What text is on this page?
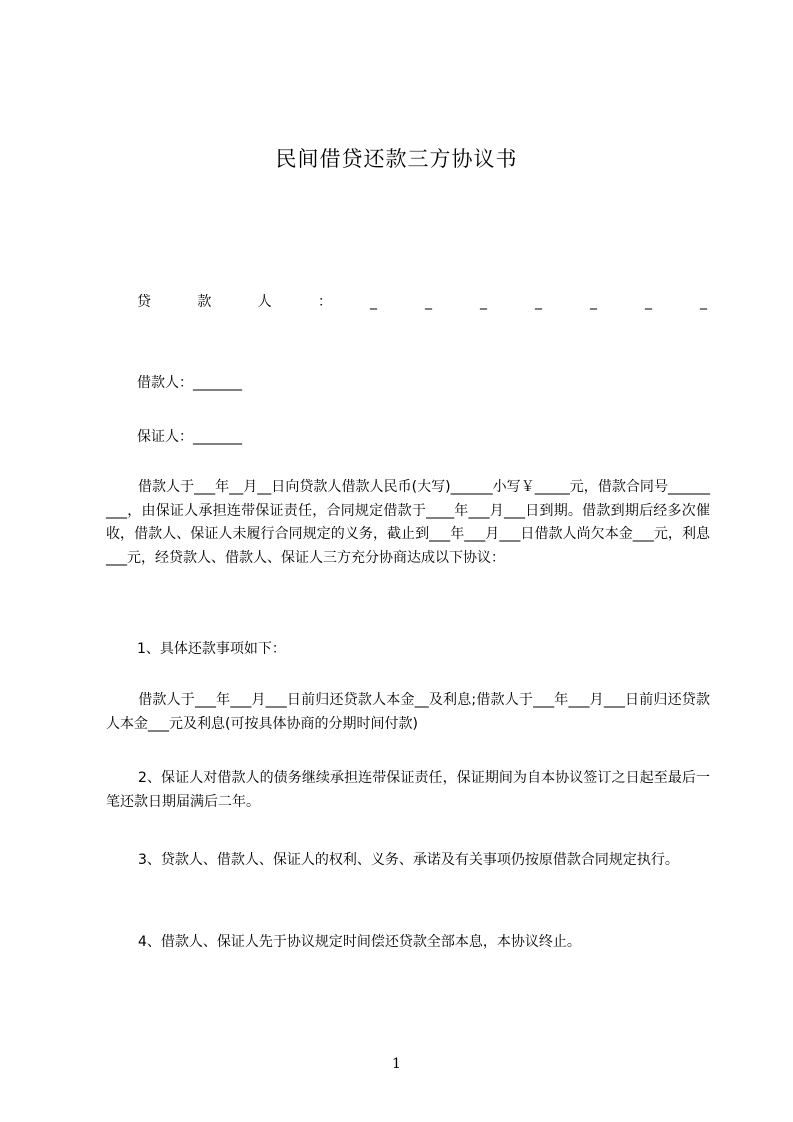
民间借贷还款三方协议书
贷	款	人	：	_	_	_	_	_	_	_
借款人：_______
保证人：_______
借款人于___年__月__日向贷款人借款人民币(大写)______小写￥_____元，借款合同号_________，由保证人承担连带保证责任，合同规定借款于____年___月___日到期。借款到期后经多次催收，借款人、保证人未履行合同规定的义务，截止到___年___月___日借款人尚欠本金___元，利息___元，经贷款人、借款人、保证人三方充分协商达成以下协议：
1、具体还款事项如下：
借款人于___年___月___日前归还贷款人本金__及利息;借款人于___年___月___日前归还贷款人本金___元及利息(可按具体协商的分期时间付款)
2、保证人对借款人的债务继续承担连带保证责任，保证期间为自本协议签订之日起至最后一笔还款日期届满后二年。
3、贷款人、借款人、保证人的权利、义务、承诺及有关事项仍按原借款合同规定执行。
4、借款人、保证人先于协议规定时间偿还贷款全部本息，本协议终止。
1
